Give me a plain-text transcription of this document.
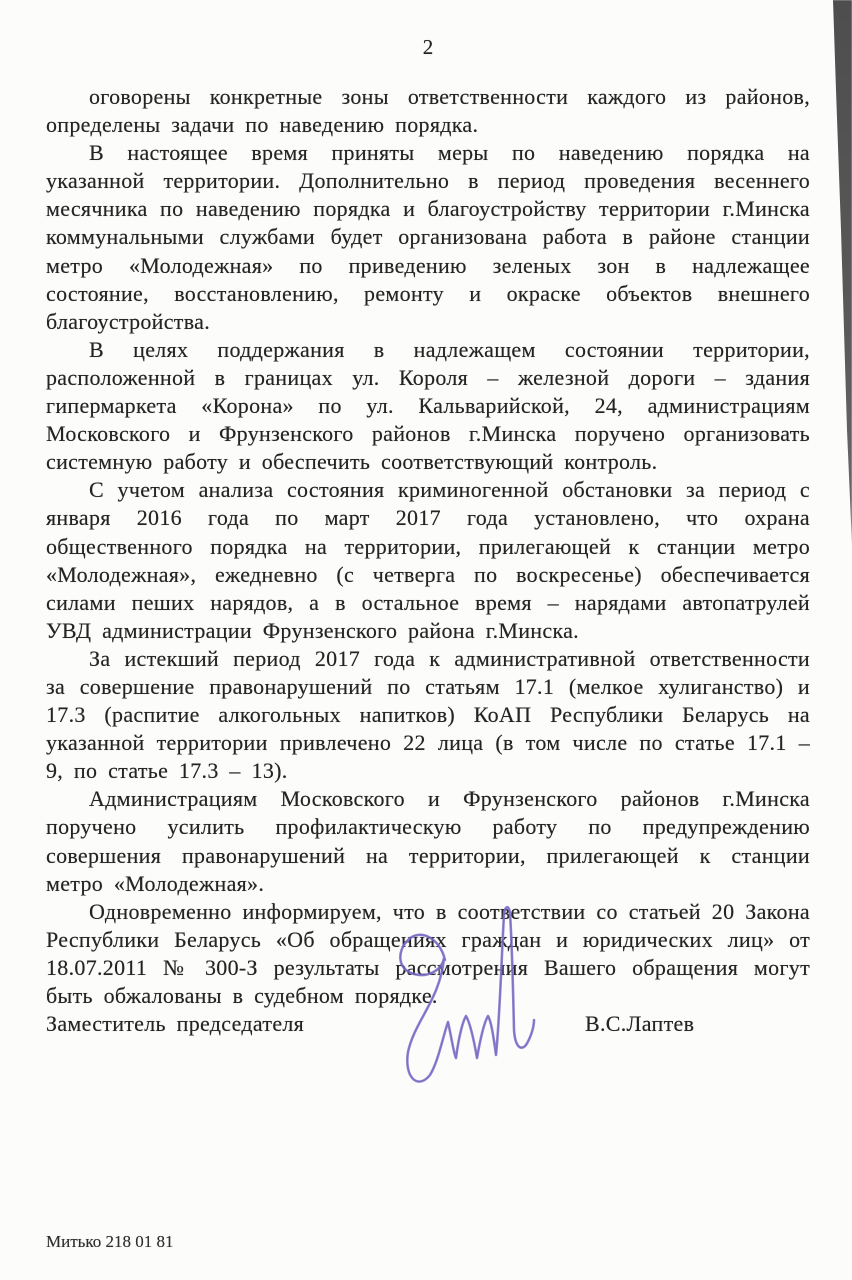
2

оговорены конкретные зоны ответственности каждого из районов, определены задачи по наведению порядка.

В настоящее время приняты меры по наведению порядка на указанной территории. Дополнительно в период проведения весеннего месячника по наведению порядка и благоустройству территории г.Минска коммунальными службами будет организована работа в районе станции метро «Молодежная» по приведению зеленых зон в надлежащее состояние, восстановлению, ремонту и окраске объектов внешнего благоустройства.

В целях поддержания в надлежащем состоянии территории, расположенной в границах ул. Короля – железной дороги – здания гипермаркета «Корона» по ул. Кальварийской, 24, администрациям Московского и Фрунзенского районов г.Минска поручено организовать системную работу и обеспечить соответствующий контроль.

С учетом анализа состояния криминогенной обстановки за период с января 2016 года по март 2017 года установлено, что охрана общественного порядка на территории, прилегающей к станции метро «Молодежная», ежедневно (с четверга по воскресенье) обеспечивается силами пеших нарядов, а в остальное время – нарядами автопатрулей УВД администрации Фрунзенского района г.Минска.

За истекший период 2017 года к административной ответственности за совершение правонарушений по статьям 17.1 (мелкое хулиганство) и 17.3 (распитие алкогольных напитков) КоАП Республики Беларусь на указанной территории привлечено 22 лица (в том числе по статье 17.1 – 9, по статье 17.3 – 13).

Администрациям Московского и Фрунзенского районов г.Минска поручено усилить профилактическую работу по предупреждению совершения правонарушений на территории, прилегающей к станции метро «Молодежная».

Одновременно информируем, что в соответствии со статьей 20 Закона Республики Беларусь «Об обращениях граждан и юридических лиц» от 18.07.2011 № 300-З результаты рассмотрения Вашего обращения могут быть обжалованы в судебном порядке.

Заместитель председателя	В.С.Лаптев

Митько 218 01 81
